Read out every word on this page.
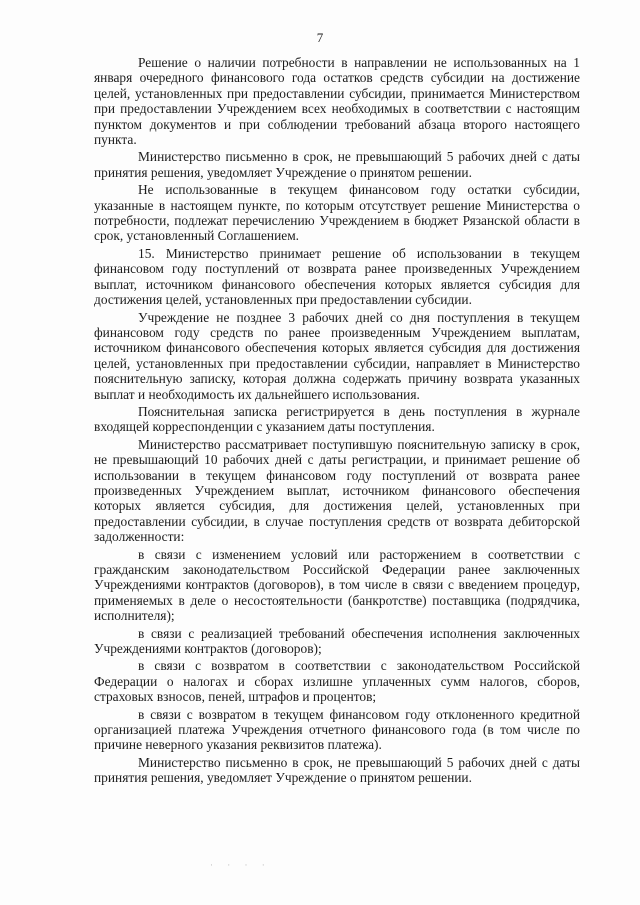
7

Решение о наличии потребности в направлении не использованных на 1 января очередного финансового года остатков средств субсидии на достижение целей, установленных при предоставлении субсидии, принимается Министерством при предоставлении Учреждением всех необходимых в соответствии с настоящим пунктом документов и при соблюдении требований абзаца второго настоящего пункта.

Министерство письменно в срок, не превышающий 5 рабочих дней с даты принятия решения, уведомляет Учреждение о принятом решении.

Не использованные в текущем финансовом году остатки субсидии, указанные в настоящем пункте, по которым отсутствует решение Министерства о потребности, подлежат перечислению Учреждением в бюджет Рязанской области в срок, установленный Соглашением.

15. Министерство принимает решение об использовании в текущем финансовом году поступлений от возврата ранее произведенных Учреждением выплат, источником финансового обеспечения которых является субсидия для достижения целей, установленных при предоставлении субсидии.

Учреждение не позднее 3 рабочих дней со дня поступления в текущем финансовом году средств по ранее произведенным Учреждением выплатам, источником финансового обеспечения которых является субсидия для достижения целей, установленных при предоставлении субсидии, направляет в Министерство пояснительную записку, которая должна содержать причину возврата указанных выплат и необходимость их дальнейшего использования.

Пояснительная записка регистрируется в день поступления в журнале входящей корреспонденции с указанием даты поступления.

Министерство рассматривает поступившую пояснительную записку в срок, не превышающий 10 рабочих дней с даты регистрации, и принимает решение об использовании в текущем финансовом году поступлений от возврата ранее произведенных Учреждением выплат, источником финансового обеспечения которых является субсидия, для достижения целей, установленных при предоставлении субсидии, в случае поступления средств от возврата дебиторской задолженности:

в связи с изменением условий или расторжением в соответствии с гражданским законодательством Российской Федерации ранее заключенных Учреждениями контрактов (договоров), в том числе в связи с введением процедур, применяемых в деле о несостоятельности (банкротстве) поставщика (подрядчика, исполнителя);

в связи с реализацией требований обеспечения исполнения заключенных Учреждениями контрактов (договоров);

в связи с возвратом в соответствии с законодательством Российской Федерации о налогах и сборах излишне уплаченных сумм налогов, сборов, страховых взносов, пеней, штрафов и процентов;

в связи с возвратом в текущем финансовом году отклоненного кредитной организацией платежа Учреждения отчетного финансового года (в том числе по причине неверного указания реквизитов платежа).

Министерство письменно в срок, не превышающий 5 рабочих дней с даты принятия решения, уведомляет Учреждение о принятом решении.

· · · ·
